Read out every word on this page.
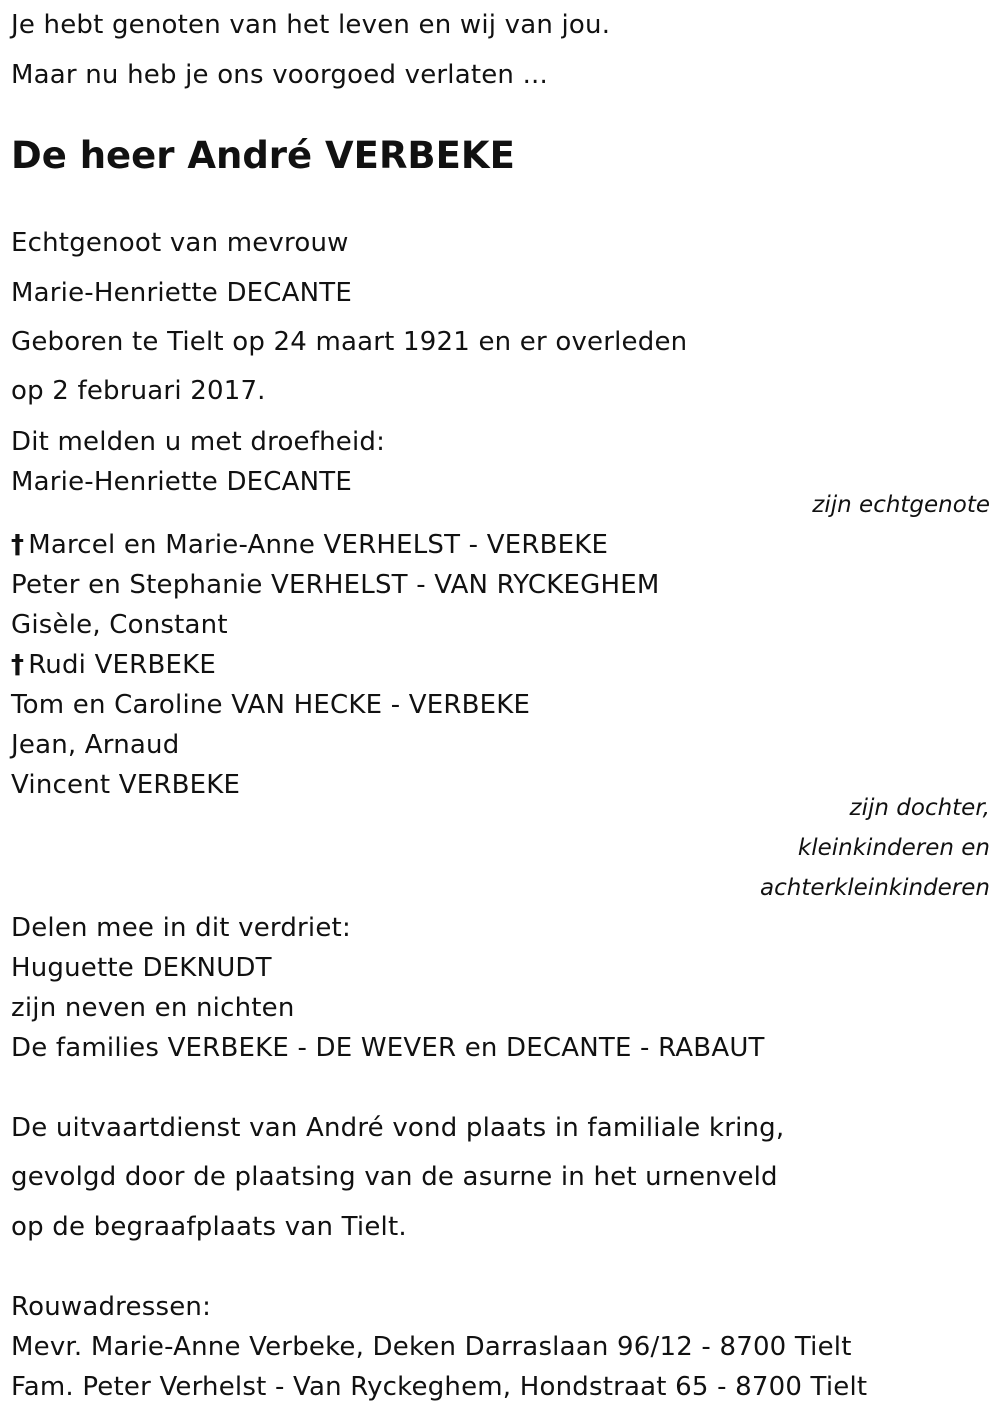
Je hebt genoten van het leven en wij van jou.
Maar nu heb je ons voorgoed verlaten ...
De heer André VERBEKE
Echtgenoot van mevrouw
Marie-Henriette DECANTE
Geboren te Tielt op 24 maart 1921 en er overleden
op 2 februari 2017.
Dit melden u met droefheid:
Marie-Henriette DECANTE
zijn echtgenote
† Marcel en Marie-Anne VERHELST - VERBEKE
Peter en Stephanie VERHELST - VAN RYCKEGHEM
Gisèle, Constant
† Rudi VERBEKE
Tom en Caroline VAN HECKE - VERBEKE
Jean, Arnaud
Vincent VERBEKE
zijn dochter,
kleinkinderen en
achterkleinkinderen
Delen mee in dit verdriet:
Huguette DEKNUDT
zijn neven en nichten
De families VERBEKE - DE WEVER en DECANTE - RABAUT
De uitvaartdienst van André vond plaats in familiale kring,
gevolgd door de plaatsing van de asurne in het urnenveld
op de begraafplaats van Tielt.
Rouwadressen:
Mevr. Marie-Anne Verbeke, Deken Darraslaan 96/12 - 8700 Tielt
Fam. Peter Verhelst - Van Ryckeghem, Hondstraat 65 - 8700 Tielt
